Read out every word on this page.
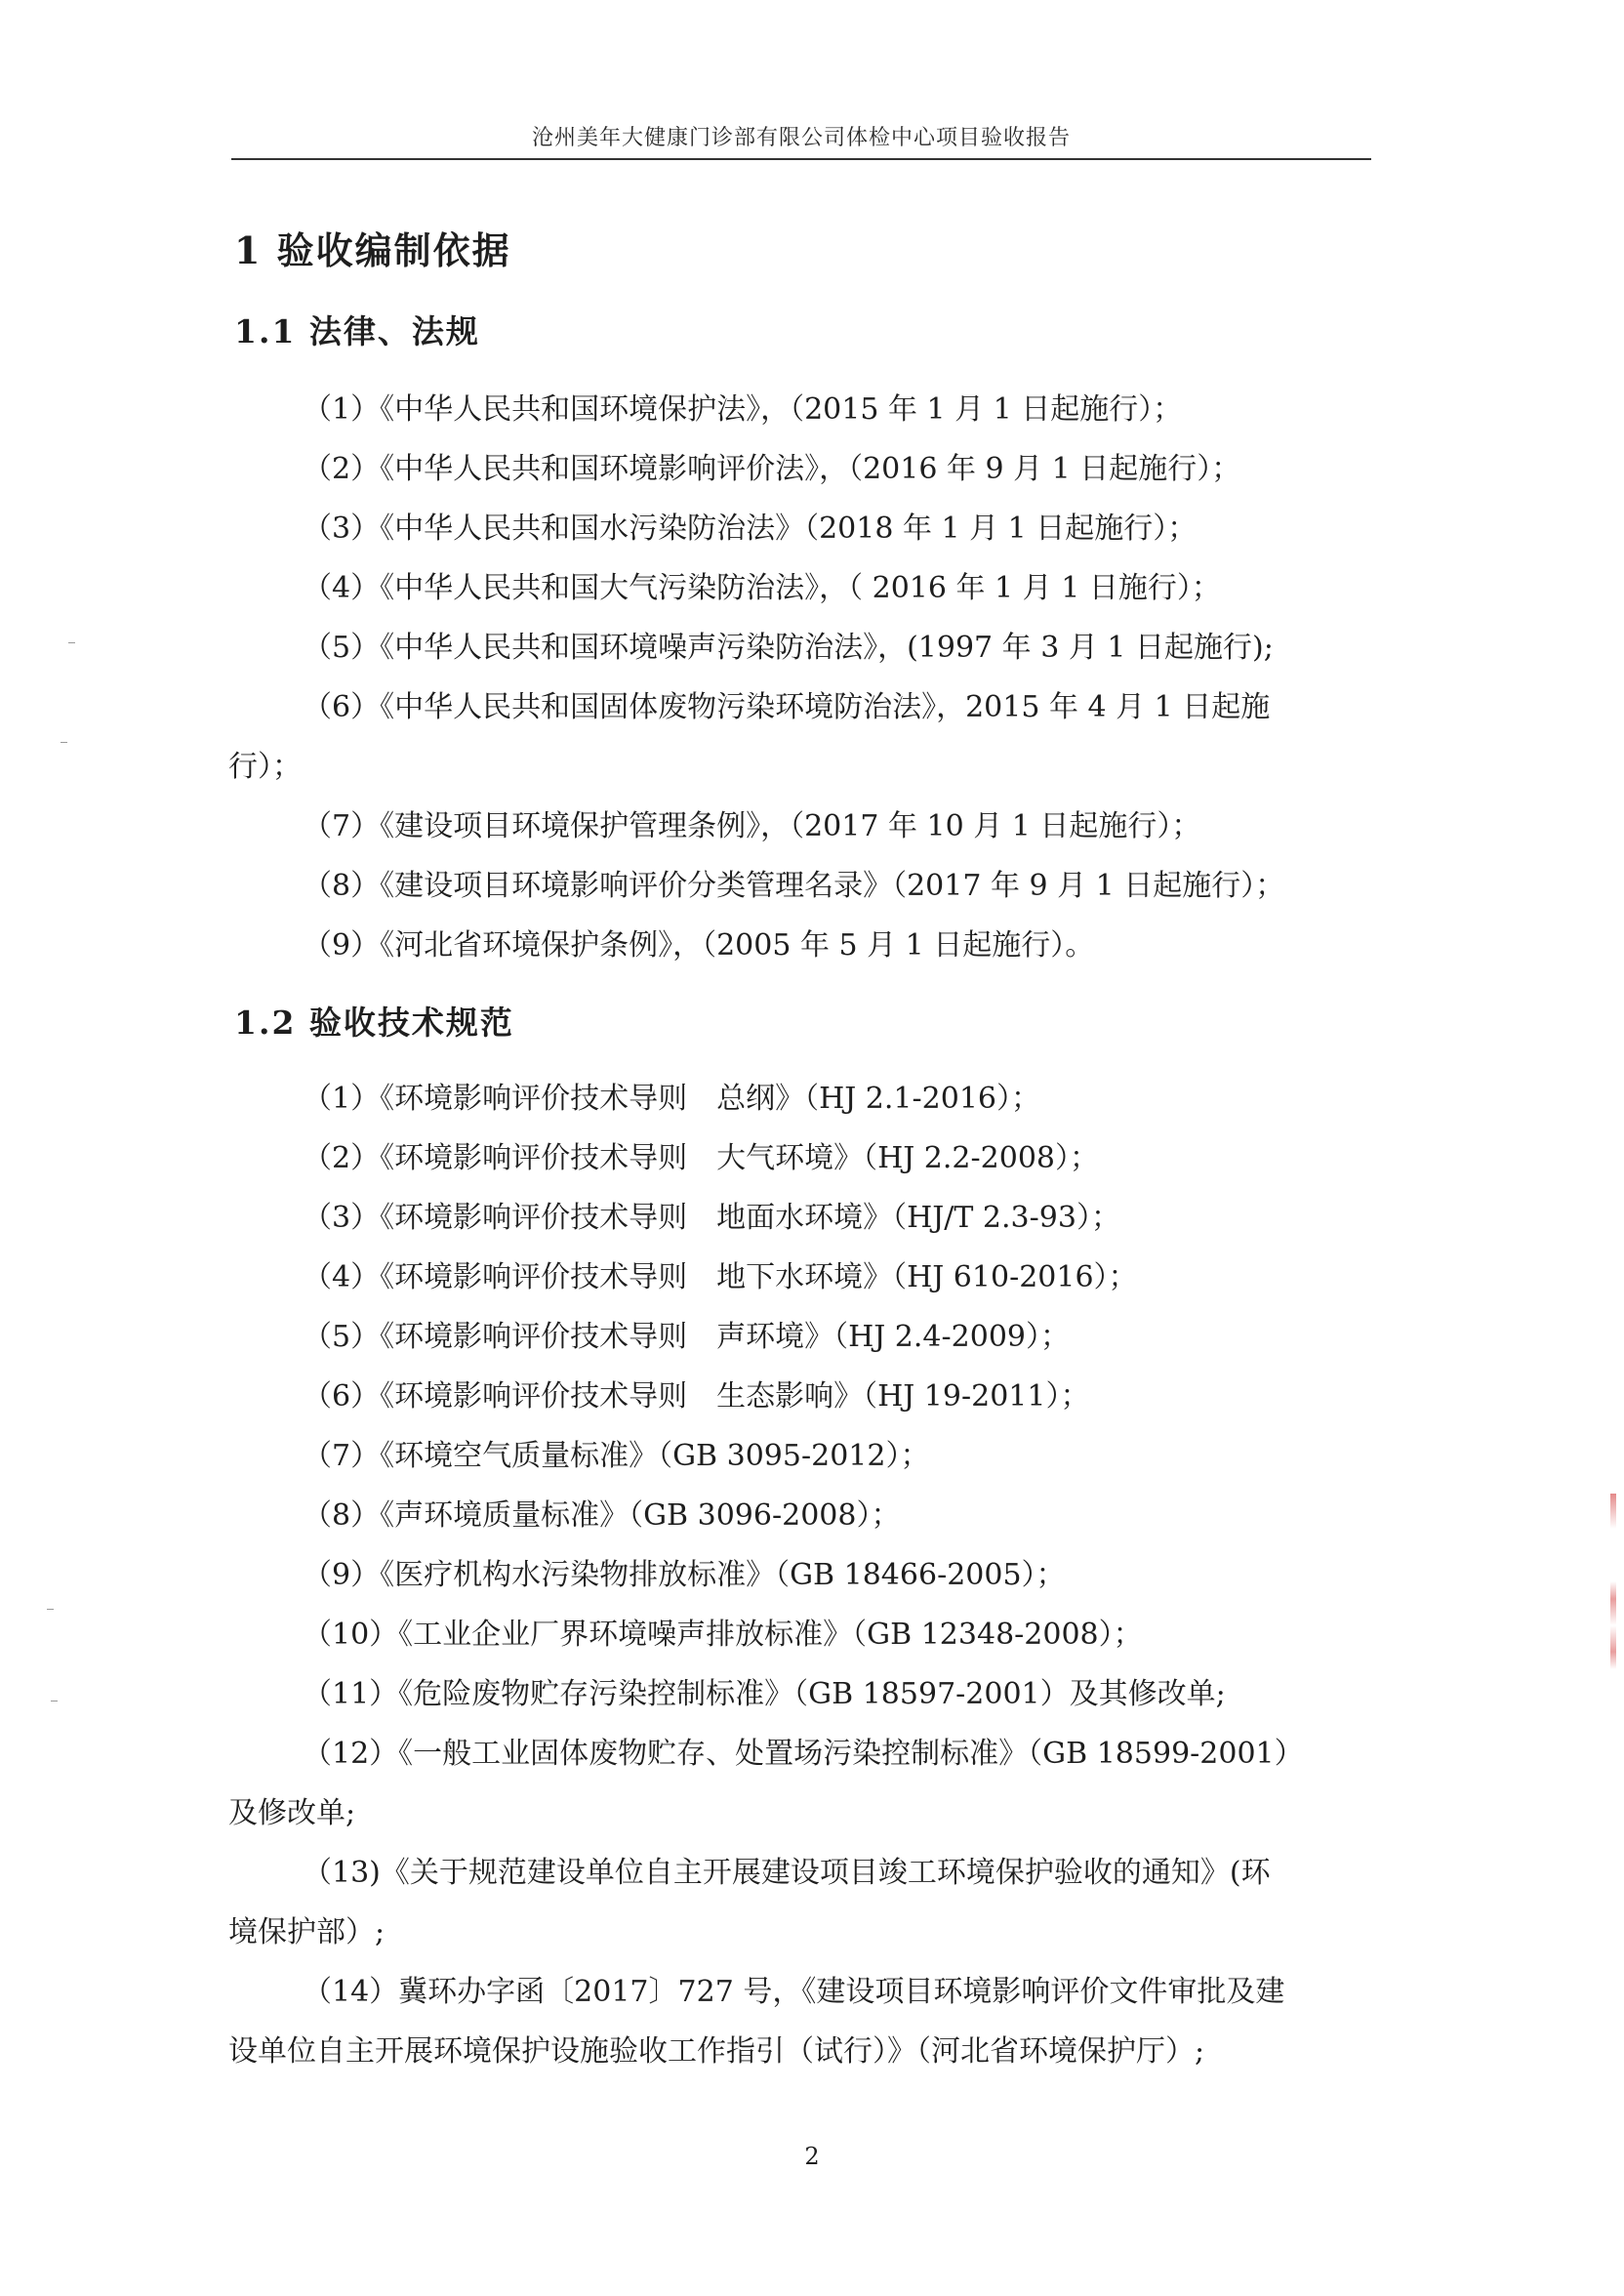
沧州美年大健康门诊部有限公司体检中心项目验收报告
1 验收编制依据
1.1 法律、法规
（1）《中华人民共和国环境保护法》，（2015 年 1 月 1 日起施行）；
（2）《中华人民共和国环境影响评价法》，（2016 年 9 月 1 日起施行）；
（3）《中华人民共和国水污染防治法》（2018 年 1 月 1 日起施行）；
（4）《中华人民共和国大气污染防治法》，（ 2016 年 1 月 1 日施行）；
（5）《中华人民共和国环境噪声污染防治法》，(1997 年 3 月 1 日起施行);
（6）《中华人民共和国固体废物污染环境防治法》，2015 年 4 月 1 日起施
行）；
（7）《建设项目环境保护管理条例》，（2017 年 10 月 1 日起施行）；
（8）《建设项目环境影响评价分类管理名录》（2017 年 9 月 1 日起施行）；
（9）《河北省环境保护条例》，（2005 年 5 月 1 日起施行）。
1.2 验收技术规范
（1）《环境影响评价技术导则　总纲》（HJ 2.1-2016）；
（2）《环境影响评价技术导则　大气环境》（HJ 2.2-2008）；
（3）《环境影响评价技术导则　地面水环境》（HJ/T 2.3-93）；
（4）《环境影响评价技术导则　地下水环境》（HJ 610-2016）；
（5）《环境影响评价技术导则　声环境》（HJ 2.4-2009）；
（6）《环境影响评价技术导则　生态影响》（HJ 19-2011）；
（7）《环境空气质量标准》（GB 3095-2012）；
（8）《声环境质量标准》（GB 3096-2008）；
（9）《医疗机构水污染物排放标准》（GB 18466-2005）；
（10）《工业企业厂界环境噪声排放标准》（GB 12348-2008）；
（11）《危险废物贮存污染控制标准》（GB 18597-2001）及其修改单;
（12）《一般工业固体废物贮存、处置场污染控制标准》（GB 18599-2001）
及修改单;
（13)《关于规范建设单位自主开展建设项目竣工环境保护验收的通知》(环
境保护部）;
（14）冀环办字函〔2017〕727 号，《建设项目环境影响评价文件审批及建
设单位自主开展环境保护设施验收工作指引（试行）》（河北省环境保护厅）;
2
